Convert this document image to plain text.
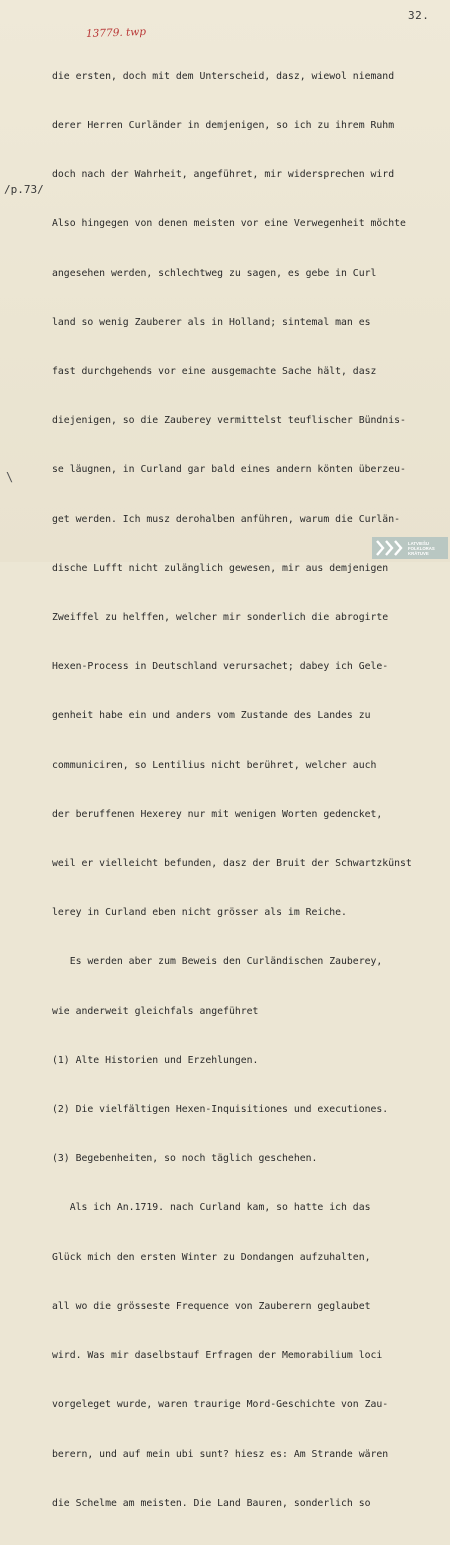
13779. twp
32.
/p.73/
\

die ersten, doch mit dem Unterscheid, dasz, wiewol niemand

derer Herren Curländer in demjenigen, so ich zu ihrem Ruhm

doch nach der Wahrheit, angeführet, mir widersprechen wird

Also hingegen von denen meisten vor eine Verwegenheit möchte

angesehen werden, schlechtweg zu sagen, es gebe in Curl

land so wenig Zauberer als in Holland; sintemal man es

fast durchgehends vor eine ausgemachte Sache hält, dasz

diejenigen, so die Zauberey vermittelst teuflischer Bündnis-

se läugnen, in Curland gar bald eines andern könten überzeu-

get werden. Ich musz derohalben anführen, warum die Curlän-

dische Lufft nicht zulänglich gewesen, mir aus demjenigen

Zweiffel zu helffen, welcher mir sonderlich die abrogirte

Hexen-Process in Deutschland verursachet; dabey ich Gele-

genheit habe ein und anders vom Zustande des Landes zu

communiciren, so Lentilius nicht berühret, welcher auch

der beruffenen Hexerey nur mit wenigen Worten gedencket,

weil er vielleicht befunden, dasz der Bruit der Schwartzkünst

lerey in Curland eben nicht grösser als im Reiche.

Es werden aber zum Beweis den Curländischen Zauberey,

wie anderweit gleichfals angeführet

(1) Alte Historien und Erzehlungen.

(2) Die vielfältigen Hexen-Inquisitiones und executiones.

(3) Begebenheiten, so noch täglich geschehen.

Als ich An.1719. nach Curland kam, so hatte ich das

Glück mich den ersten Winter zu Dondangen aufzuhalten,

all wo die grösseste Frequence von Zauberern geglaubet

wird. Was mir daselbstauf Erfragen der Memorabilium loci

vorgeleget wurde, waren traurige Mord-Geschichte von Zau-

berern, und auf mein ubi sunt? hiesz es: Am Strande wären

die Schelme am meisten. Die Land Bauren, sonderlich so

LATVIEŠU
FOLKLORAS
KRĀTUVE
